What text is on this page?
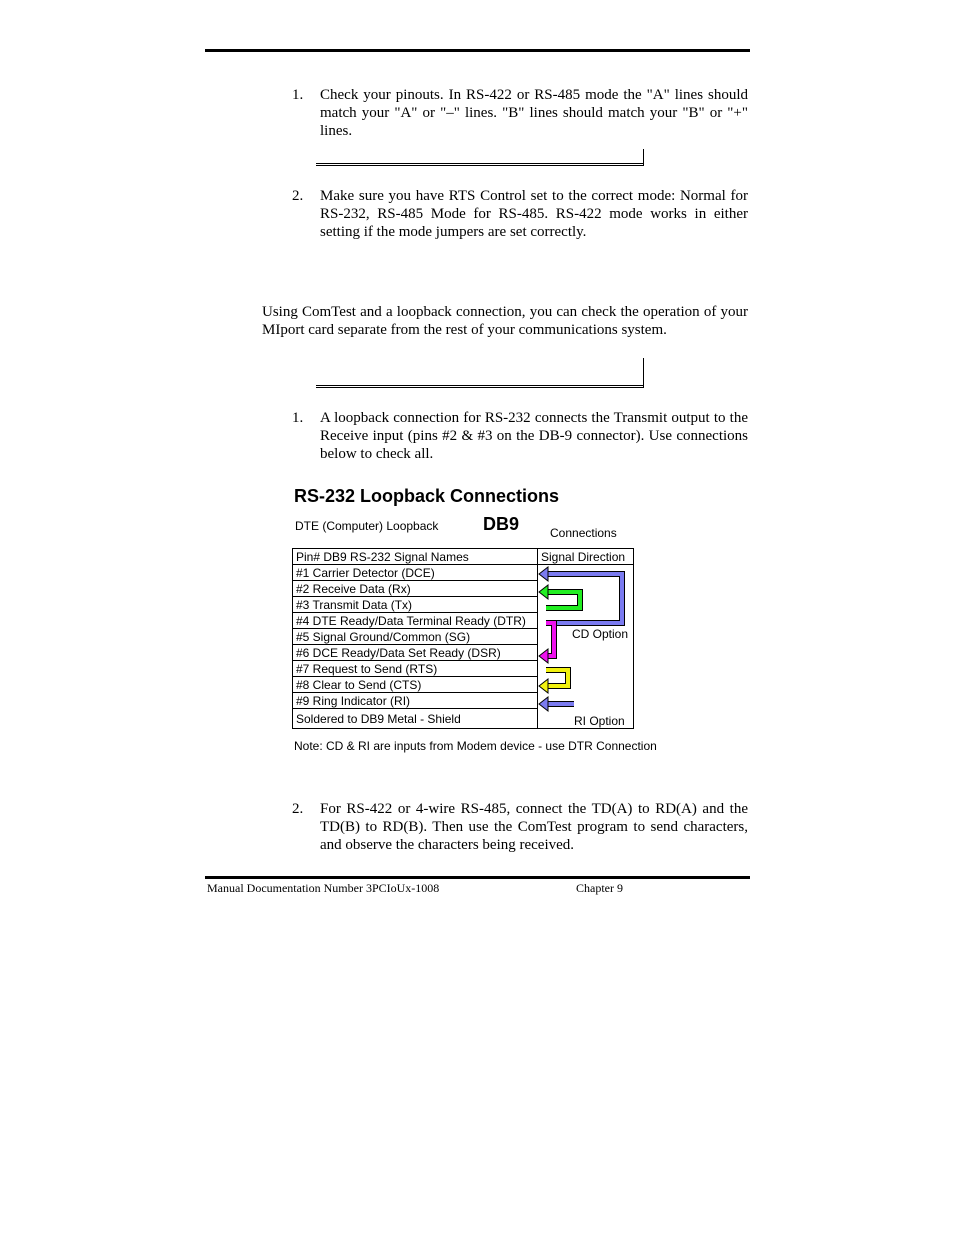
1. Check your pinouts. In RS-422 or RS-485 mode the "A" lines should match your "A" or "–" lines. "B" lines should match your "B" or "+" lines.
2. Make sure you have RTS Control set to the correct mode: Normal for RS-232, RS-485 Mode for RS-485. RS-422 mode works in either setting if the mode jumpers are set correctly.
Using ComTest and a loopback connection, you can check the operation of your MIport card separate from the rest of your communications system.
1. A loopback connection for RS-232 connects the Transmit output to the Receive input (pins #2 & #3 on the DB-9 connector). Use connections below to check all.
RS-232 Loopback Connections
DTE (Computer) Loopback DB9	Connections
Pin# DB9 RS-232 Signal Names	Signal Direction
#1 Carrier Detector (DCE)	
#2 Receive Data (Rx)	
#3 Transmit Data (Tx)	
#4 DTE Ready/Data Terminal Ready (DTR)	
#5 Signal Ground/Common (SG)	
#6 DCE Ready/Data Set Ready (DSR)	
#7 Request to Send (RTS)	
#8 Clear to Send (CTS)	
#9 Ring Indicator (RI)	
Soldered to DB9 Metal - Shield	
CD Option
RI Option
Note: CD & RI are inputs from Modem device - use DTR Connection
2. For RS-422 or 4-wire RS-485, connect the TD(A) to RD(A) and the TD(B) to RD(B). Then use the ComTest program to send characters, and observe the characters being received.
Manual Documentation Number 3PCIoUx-1008	Chapter 9
